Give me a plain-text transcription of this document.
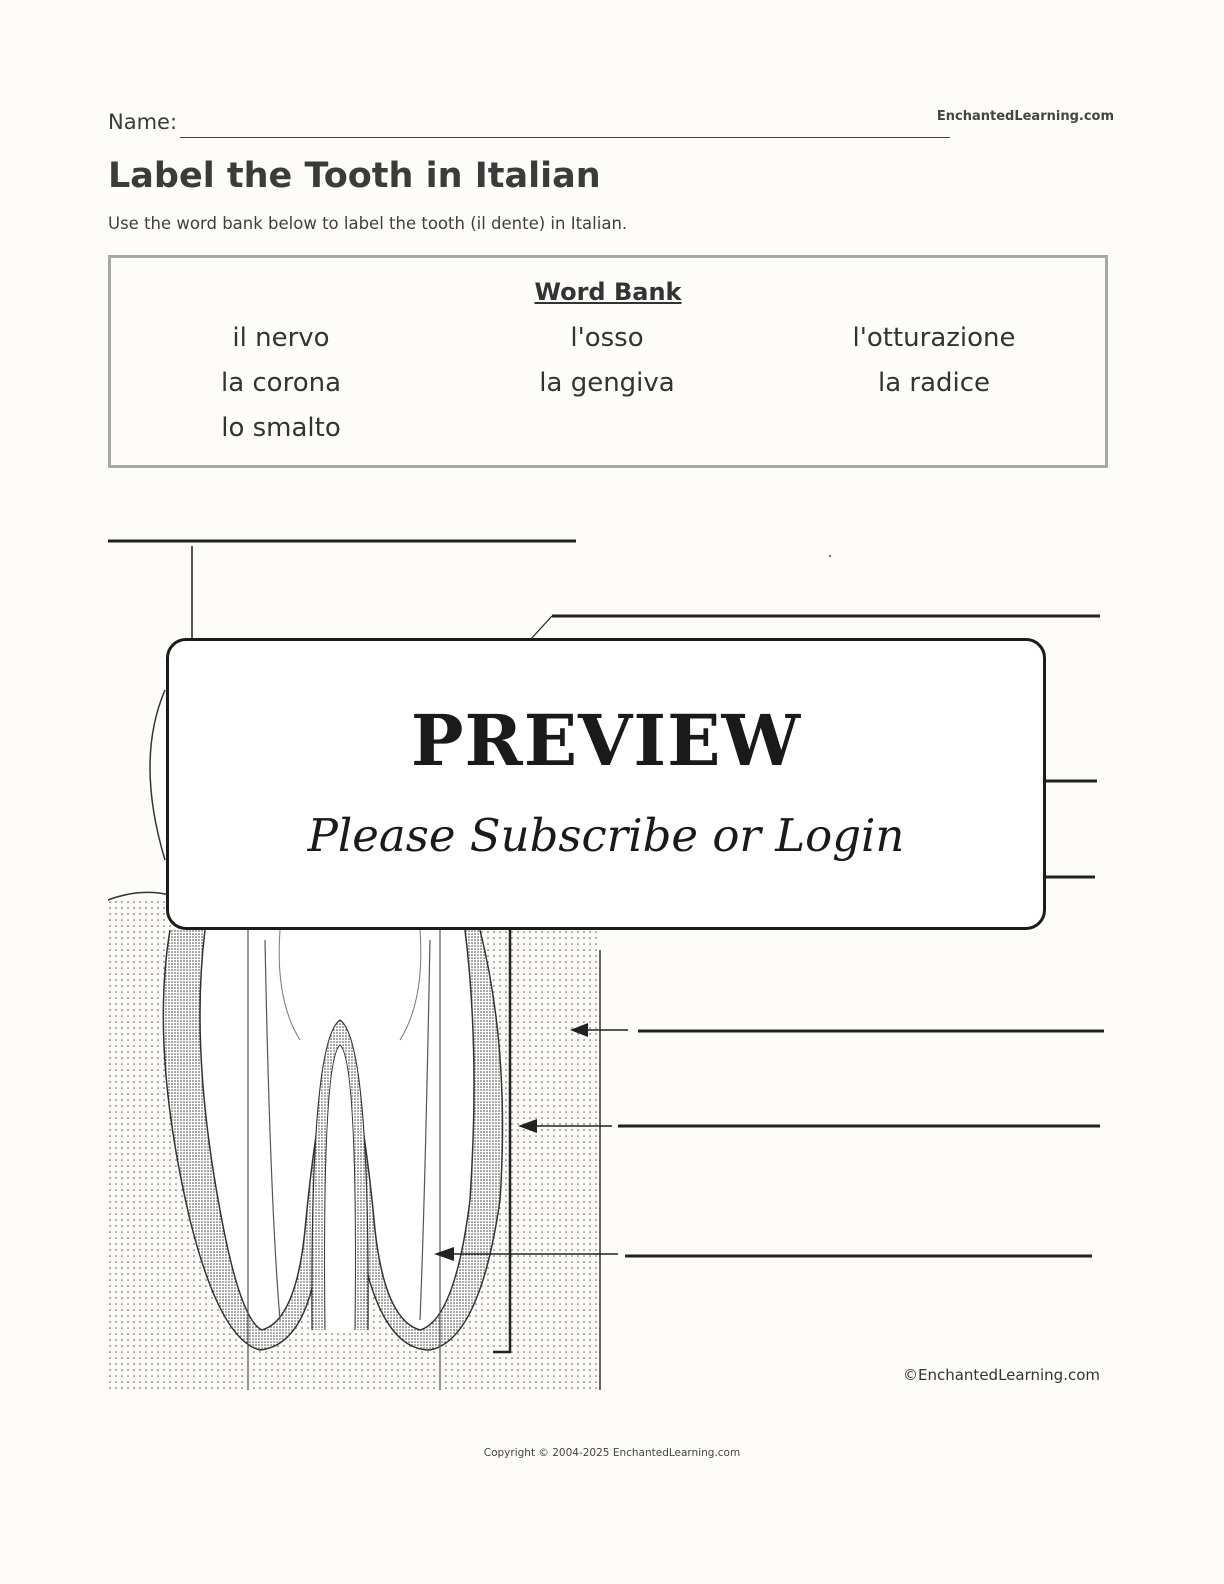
Name:	EnchantedLearning.com
Label the Tooth in Italian
Use the word bank below to label the tooth (il dente) in Italian.
Word Bank
il nervo	l'osso	l'otturazione
la corona	la gengiva	la radice
lo smalto
PREVIEW
Please Subscribe or Login
©EnchantedLearning.com
Copyright © 2004-2025 EnchantedLearning.com
